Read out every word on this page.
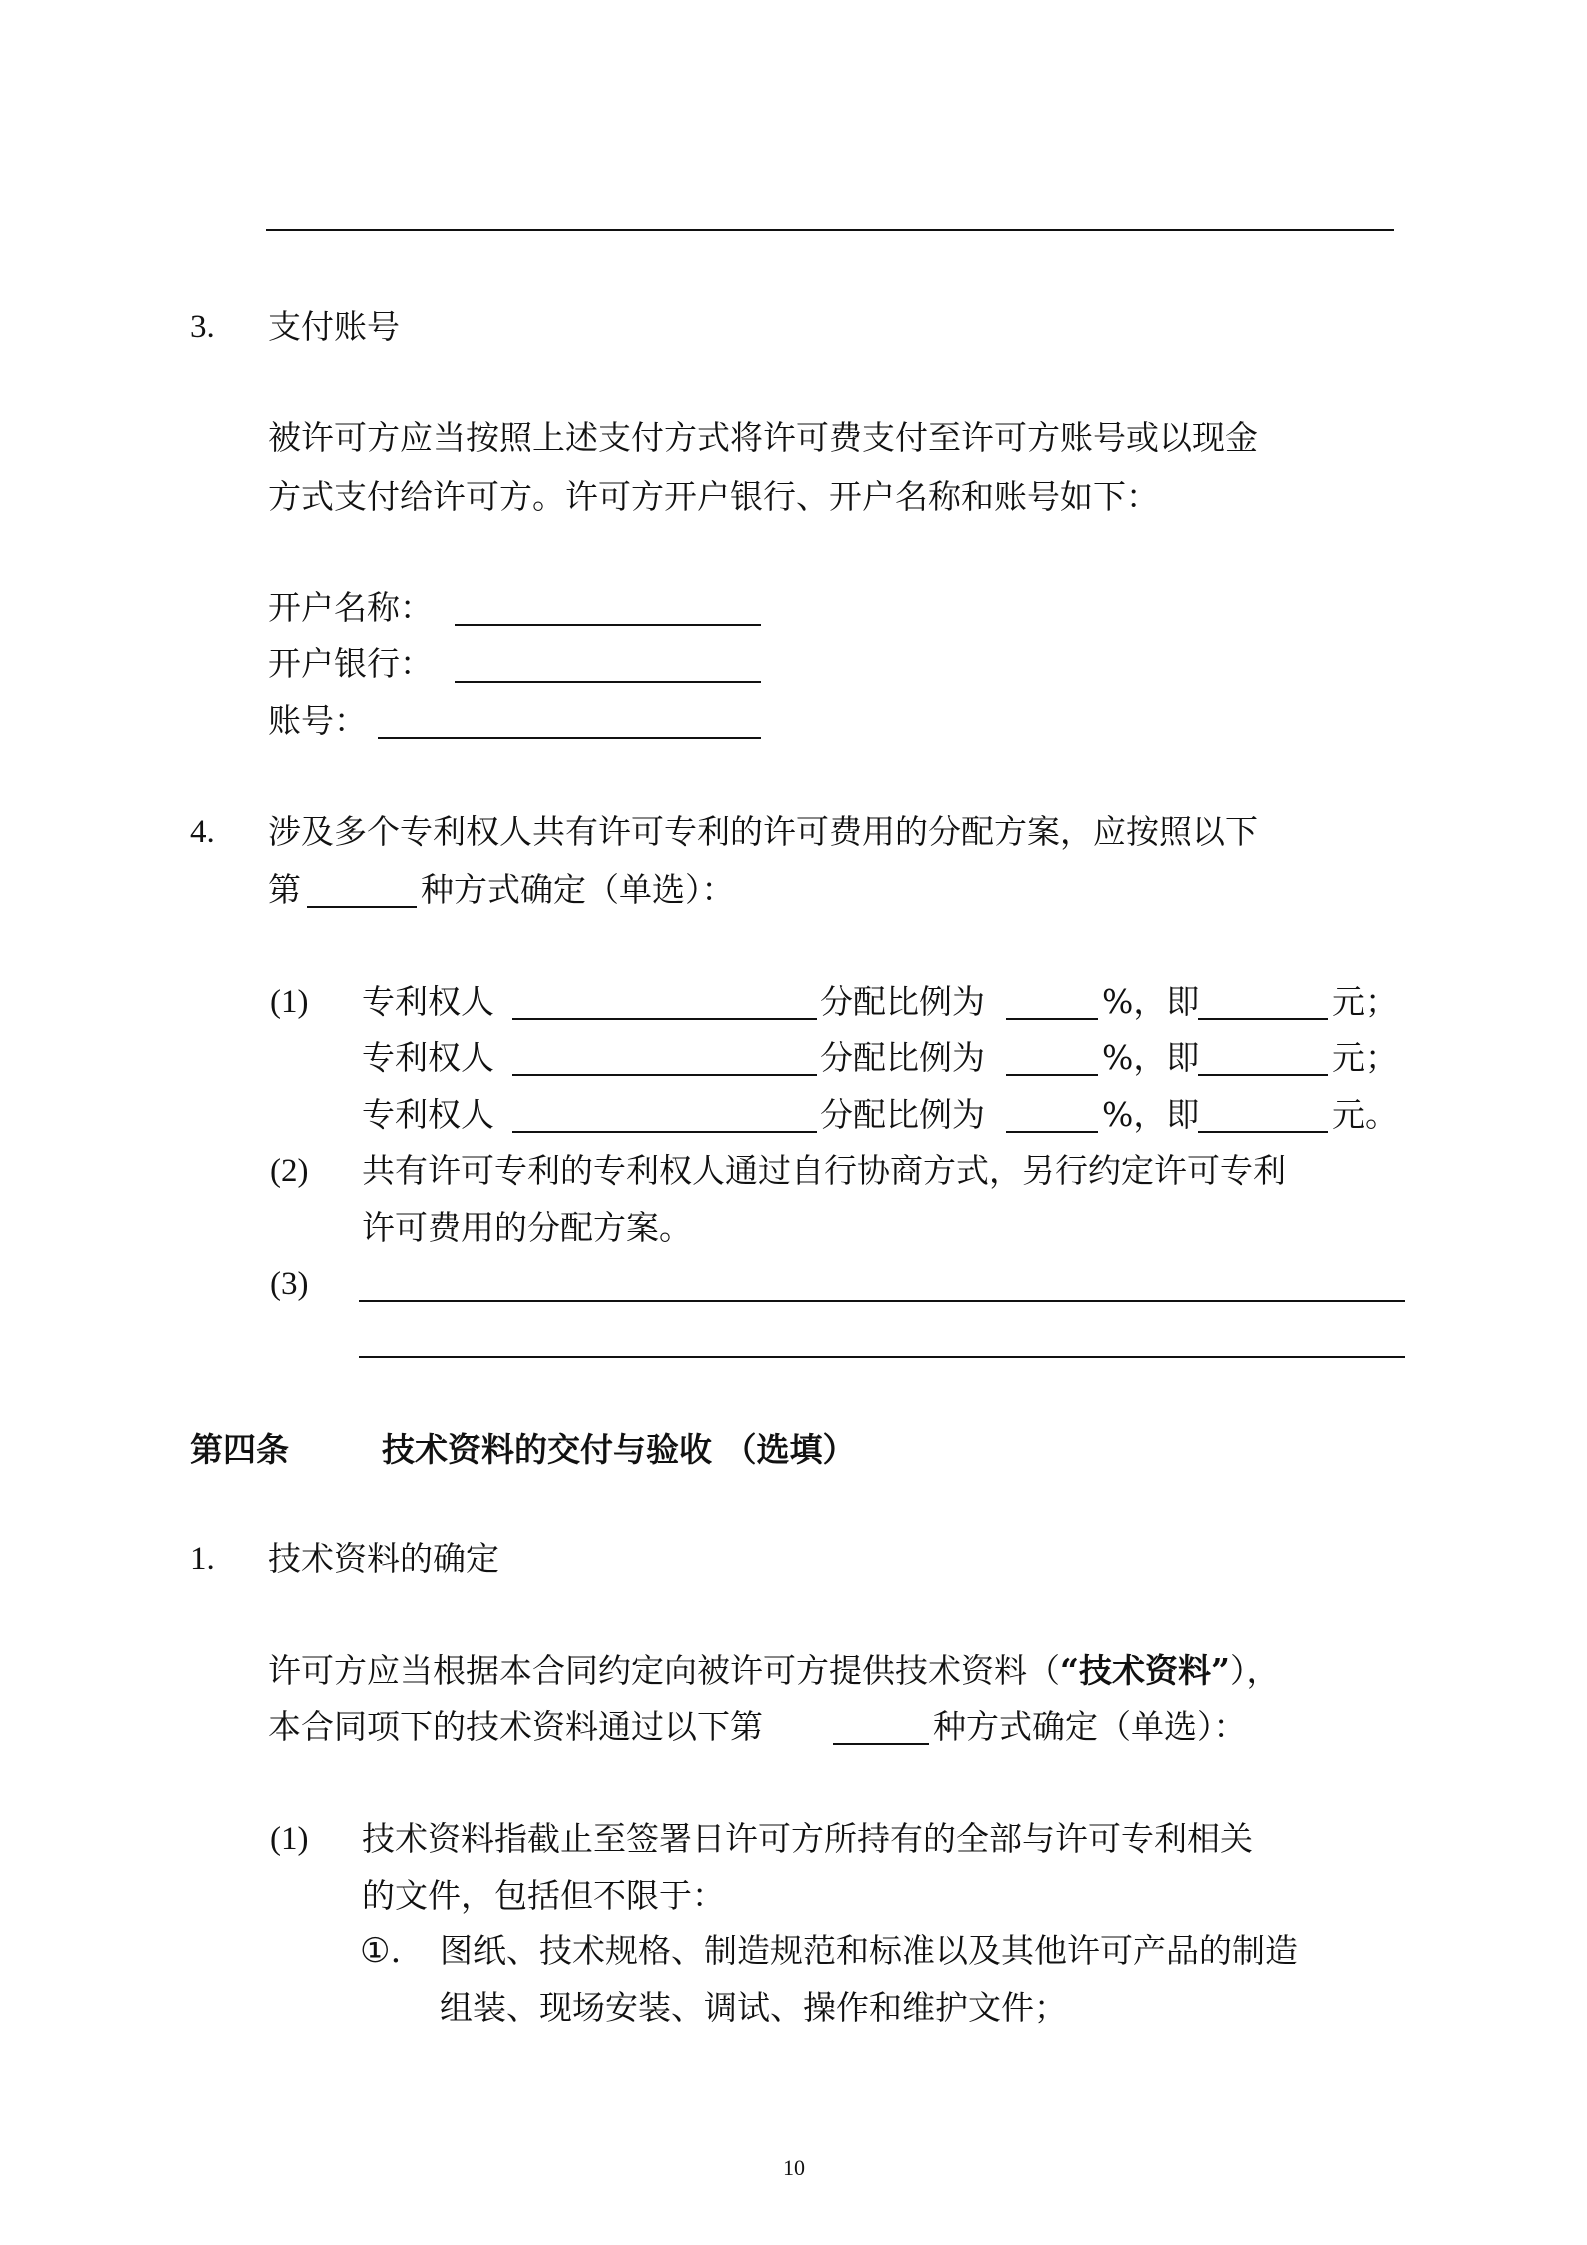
3. 支付账号
被许可方应当按照上述支付方式将许可费支付至许可方账号或以现金
方式支付给许可方。许可方开户银行、开户名称和账号如下：
开户名称：
开户银行：
账号：
4. 涉及多个专利权人共有许可专利的许可费用的分配方案，应按照以下
第	种方式确定（单选）：
(1) 专利权人	分配比例为	%，即	元；
专利权人	分配比例为	%，即	元；
专利权人	分配比例为	%，即	元。
(2) 共有许可专利的专利权人通过自行协商方式，另行约定许可专利
许可费用的分配方案。
(3)
第四条	技术资料的交付与验收 （选填）
1. 技术资料的确定
许可方应当根据本合同约定向被许可方提供技术资料（“技术资料”），
本合同项下的技术资料通过以下第	种方式确定（单选）：
(1) 技术资料指截止至签署日许可方所持有的全部与许可专利相关
的文件，包括但不限于：
①. 图纸、技术规格、制造规范和标准以及其他许可产品的制造
组装、现场安装、调试、操作和维护文件；
10
